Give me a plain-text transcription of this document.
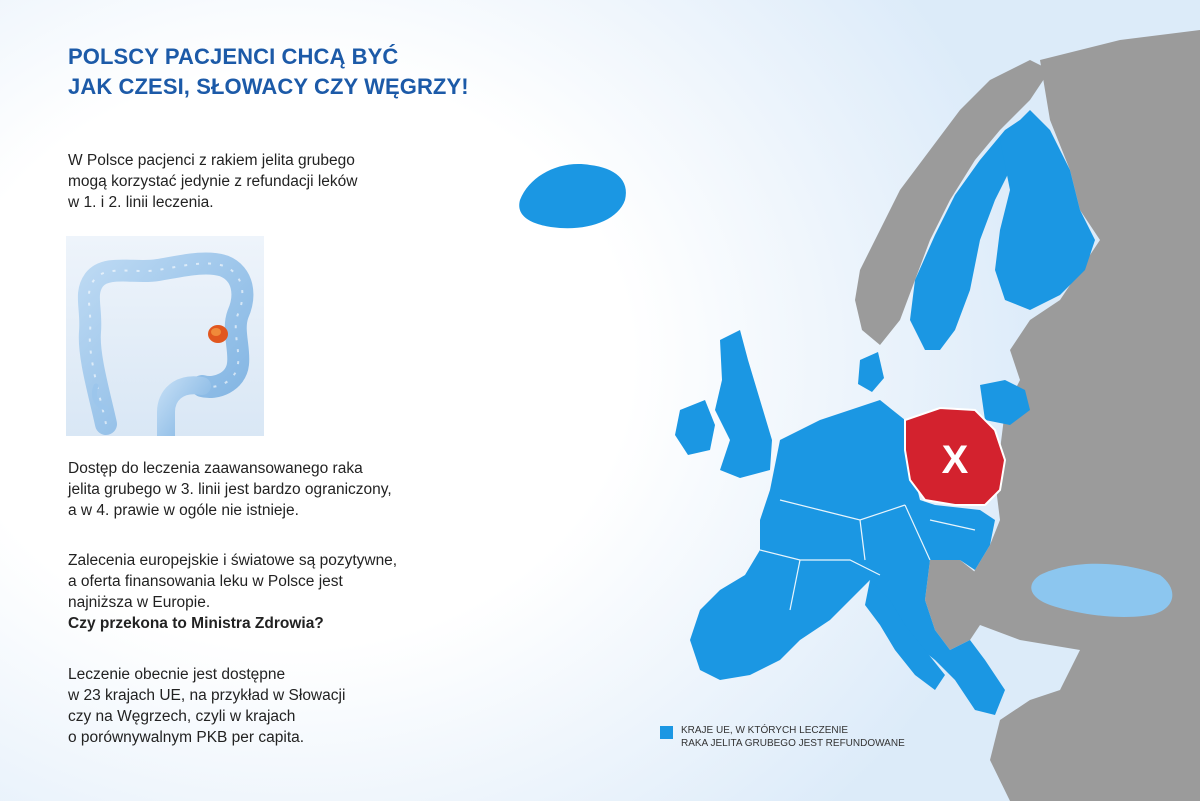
POLSCY PACJENCI CHCĄ BYĆ
JAK CZESI, SŁOWACY CZY WĘGRZY!

W Polsce pacjenci z rakiem jelita grubego
mogą korzystać jedynie z refundacji leków
w 1. i 2. linii leczenia.

Dostęp do leczenia zaawansowanego raka
jelita grubego w 3. linii jest bardzo ograniczony,
a w 4. prawie w ogóle nie istnieje.

Zalecenia europejskie i światowe są pozytywne,
a oferta finansowania leku w Polsce jest
najniższa w Europie.
Czy przekona to Ministra Zdrowia?

Leczenie obecnie jest dostępne
w 23 krajach UE, na przykład w Słowacji
czy na Węgrzech, czyli w krajach
o porównywalnym PKB per capita.

X
KRAJE UE, W KTÓRYCH LECZENIE
RAKA JELITA GRUBEGO JEST REFUNDOWANE
